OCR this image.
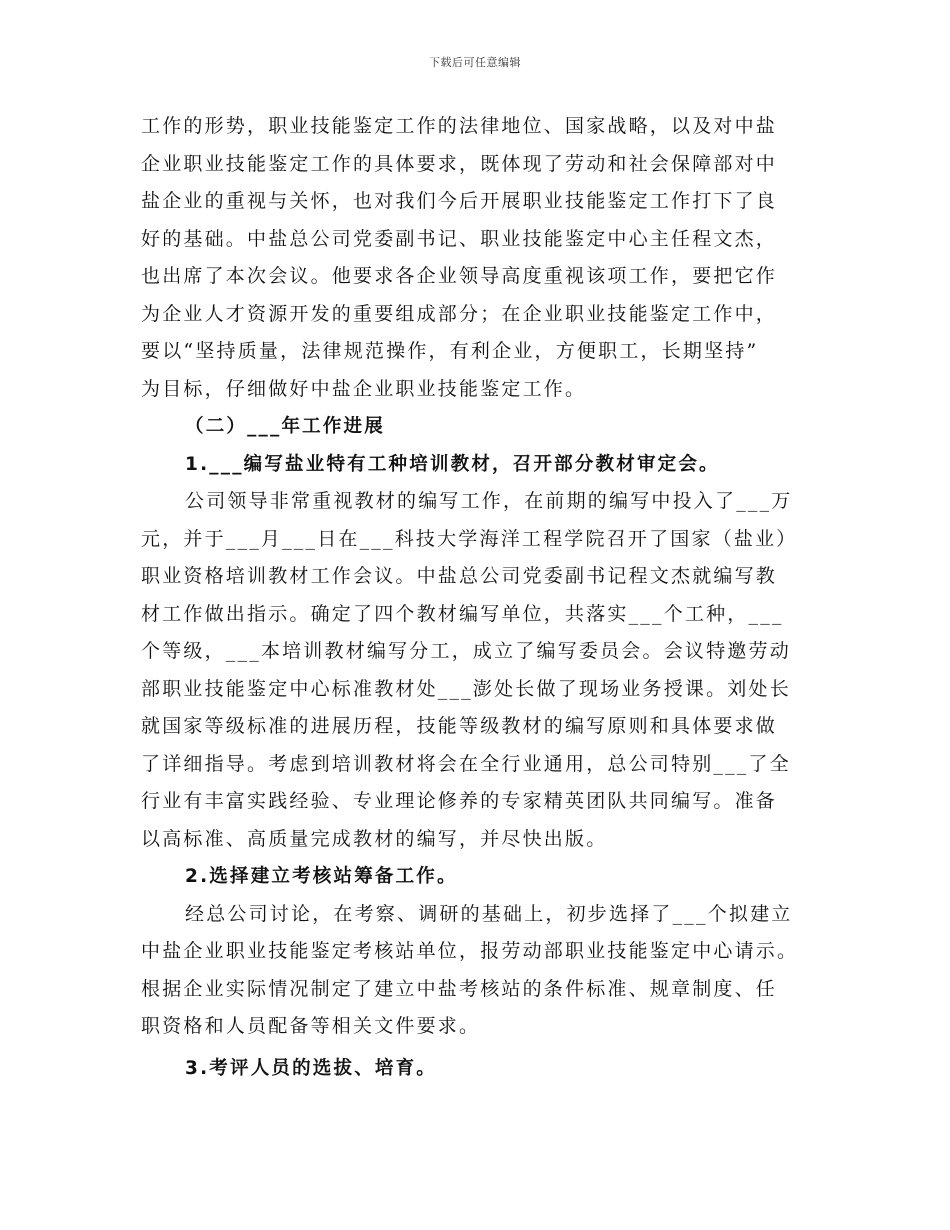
下载后可任意编辑
工作的形势，职业技能鉴定工作的法律地位、国家战略，以及对中盐
企业职业技能鉴定工作的具体要求，既体现了劳动和社会保障部对中
盐企业的重视与关怀，也对我们今后开展职业技能鉴定工作打下了良
好的基础。中盐总公司党委副书记、职业技能鉴定中心主任程文杰，
也出席了本次会议。他要求各企业领导高度重视该项工作，要把它作
为企业人才资源开发的重要组成部分；在企业职业技能鉴定工作中，
要以“坚持质量，法律规范操作，有利企业，方便职工，长期坚持”
为目标，仔细做好中盐企业职业技能鉴定工作。
（二）___年工作进展
1.___编写盐业特有工种培训教材，召开部分教材审定会。
公司领导非常重视教材的编写工作，在前期的编写中投入了___万
元，并于___月___日在___科技大学海洋工程学院召开了国家（盐业）
职业资格培训教材工作会议。中盐总公司党委副书记程文杰就编写教
材工作做出指示。确定了四个教材编写单位，共落实___个工种，___
个等级，___本培训教材编写分工，成立了编写委员会。会议特邀劳动
部职业技能鉴定中心标准教材处___澎处长做了现场业务授课。刘处长
就国家等级标准的进展历程，技能等级教材的编写原则和具体要求做
了详细指导。考虑到培训教材将会在全行业通用，总公司特别___了全
行业有丰富实践经验、专业理论修养的专家精英团队共同编写。准备
以高标准、高质量完成教材的编写，并尽快出版。
2.选择建立考核站筹备工作。
经总公司讨论，在考察、调研的基础上，初步选择了___个拟建立
中盐企业职业技能鉴定考核站单位，报劳动部职业技能鉴定中心请示。
根据企业实际情况制定了建立中盐考核站的条件标准、规章制度、任
职资格和人员配备等相关文件要求。
3.考评人员的选拔、培育。
